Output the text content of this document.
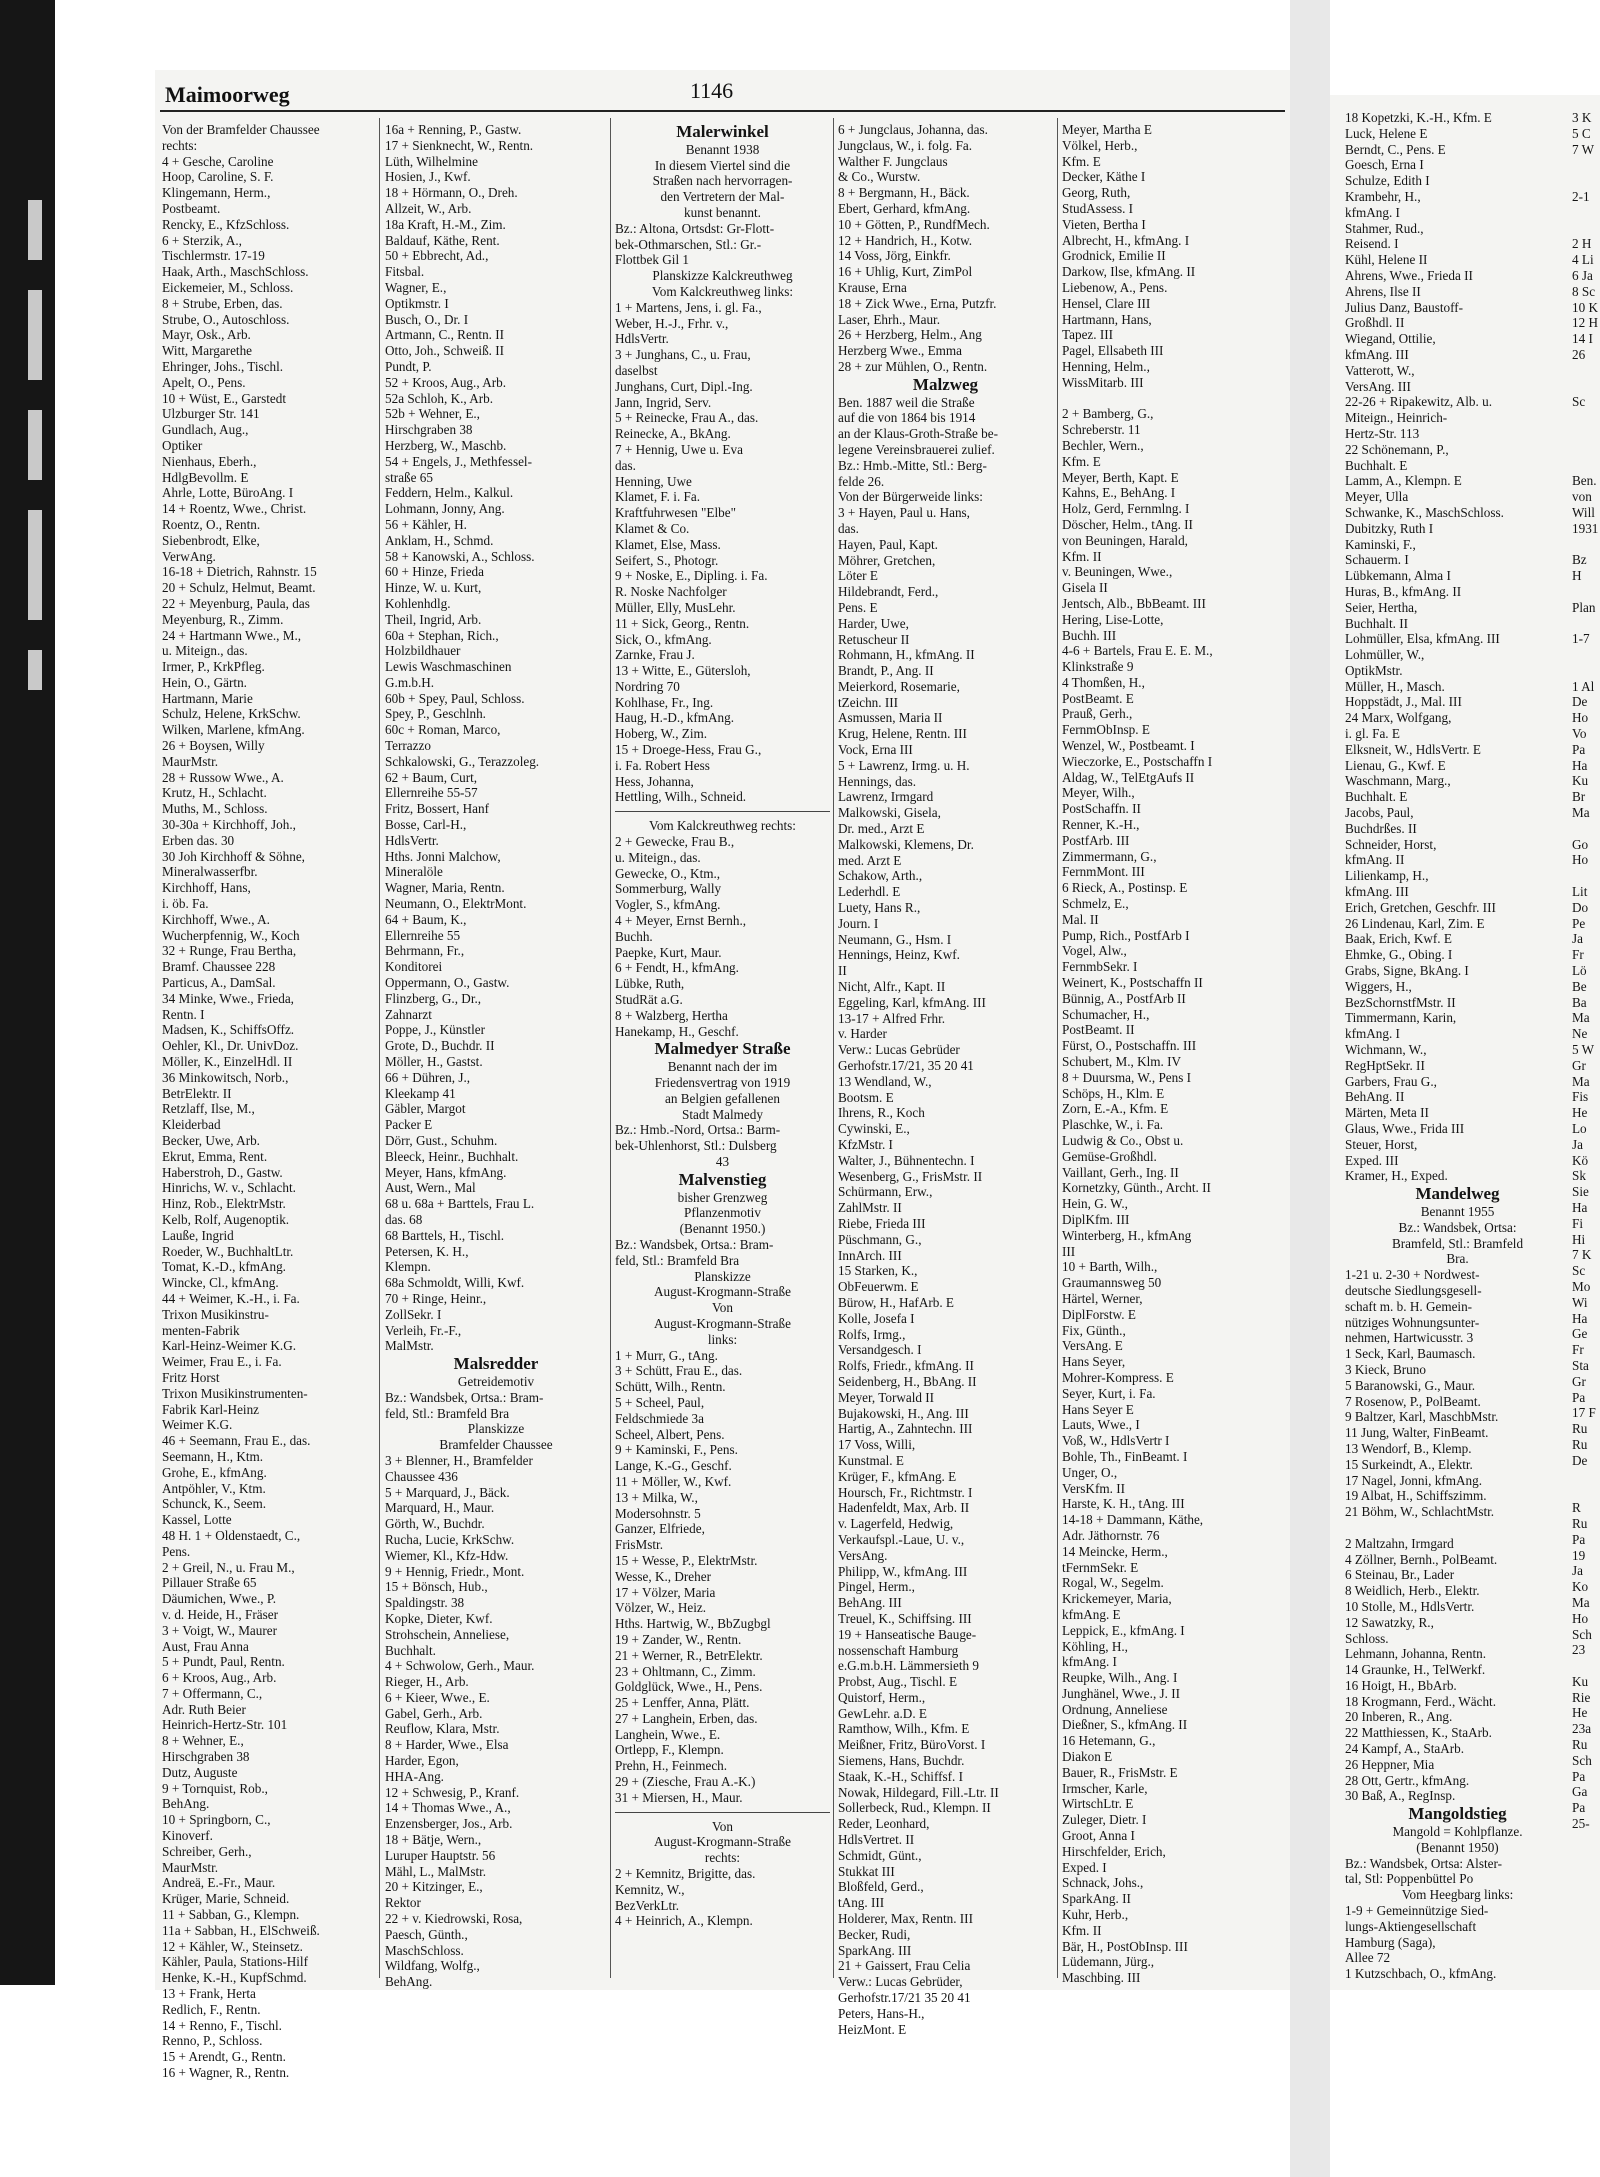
Maimoorweg	1146

Von der Bramfelder Chaussee

rechts:

4 + Gesche, Caroline

Hoop, Caroline, S. F.

Klingemann, Herm.,

Postbeamt.

Rencky, E., KfzSchloss.

6 + Sterzik, A.,

Tischlermstr. 17-19

Haak, Arth., MaschSchloss.

Eickemeier, M., Schloss.

8 + Strube, Erben, das.

Strube, O., Autoschloss.

Mayr, Osk., Arb.

Witt, Margarethe

Ehringer, Johs., Tischl.

Apelt, O., Pens.

10 + Wüst, E., Garstedt

Ulzburger Str. 141

Gundlach, Aug.,

Optiker

Nienhaus, Eberh.,

HdlgBevollm. E

Ahrle, Lotte, BüroAng. I

14 + Roentz, Wwe., Christ.

Roentz, O., Rentn.

Siebenbrodt, Elke,

VerwAng.

16-18 + Dietrich, Rahnstr. 15

20 + Schulz, Helmut, Beamt.

22 + Meyenburg, Paula, das

Meyenburg, R., Zimm.

24 + Hartmann Wwe., M.,

u. Miteign., das.

Irmer, P., KrkPfleg.

Hein, O., Gärtn.

Hartmann, Marie

Schulz, Helene, KrkSchw.

Wilken, Marlene, kfmAng.

26 + Boysen, Willy

MaurMstr.

28 + Russow Wwe., A.

Krutz, H., Schlacht.

Muths, M., Schloss.

30-30a + Kirchhoff, Joh.,

Erben das. 30

30 Joh Kirchhoff & Söhne,

Mineralwasserfbr.

Kirchhoff, Hans,

i. öb. Fa.

Kirchhoff, Wwe., A.

Wucherpfennig, W., Koch

32 + Runge, Frau Bertha,

Bramf. Chaussee 228

Particus, A., DamSal.

34 Minke, Wwe., Frieda,

Rentn. I

Madsen, K., SchiffsOffz.

Oehler, Kl., Dr. UnivDoz.

Möller, K., EinzelHdl. II

36 Minkowitsch, Norb.,

BetrElektr. II

Retzlaff, Ilse, M.,

Kleiderbad

Becker, Uwe, Arb.

Ekrut, Emma, Rent.

Haberstroh, D., Gastw.

Hinrichs, W. v., Schlacht.

Hinz, Rob., ElektrMstr.

Kelb, Rolf, Augenoptik.

Lauße, Ingrid

Roeder, W., BuchhaltLtr.

Tomat, K.-D., kfmAng.

Wincke, Cl., kfmAng.

44 + Weimer, K.-H., i. Fa.

Trixon Musikinstru-

menten-Fabrik

Karl-Heinz-Weimer K.G.

Weimer, Frau E., i. Fa.

Fritz Horst

Trixon Musikinstrumenten-

Fabrik Karl-Heinz

Weimer K.G.

46 + Seemann, Frau E., das.

Seemann, H., Ktm.

Grohe, E., kfmAng.

Antpöhler, V., Ktm.

Schunck, K., Seem.

Kassel, Lotte

48 H. 1 + Oldenstaedt, C.,

Pens.

2 + Greil, N., u. Frau M.,

Pillauer Straße 65

Däumichen, Wwe., P.

v. d. Heide, H., Fräser

3 + Voigt, W., Maurer

Aust, Frau Anna

5 + Pundt, Paul, Rentn.

6 + Kroos, Aug., Arb.

7 + Offermann, C.,

Adr. Ruth Beier

Heinrich-Hertz-Str. 101

8 + Wehner, E.,

Hirschgraben 38

Dutz, Auguste

9 + Tornquist, Rob.,

BehAng.

10 + Springborn, C.,

Kinoverf.

Schreiber, Gerh.,

MaurMstr.

Andreä, E.-Fr., Maur.

Krüger, Marie, Schneid.

11 + Sabban, G., Klempn.

11a + Sabban, H., ElSchweiß.

12 + Kähler, W., Steinsetz.

Kähler, Paula, Stations-Hilf

Henke, K.-H., KupfSchmd.

13 + Frank, Herta

Redlich, F., Rentn.

14 + Renno, F., Tischl.

Renno, P., Schloss.

15 + Arendt, G., Rentn.

16 + Wagner, R., Rentn.

16a + Renning, P., Gastw.

17 + Sienknecht, W., Rentn.

Lüth, Wilhelmine

Hosien, J., Kwf.

18 + Hörmann, O., Dreh.

Allzeit, W., Arb.

18a Kraft, H.-M., Zim.

Baldauf, Käthe, Rent.

50 + Ebbrecht, Ad.,

Fitsbal.

Wagner, E.,

Optikmstr. I

Busch, O., Dr. I

Artmann, C., Rentn. II

Otto, Joh., Schweiß. II

Pundt, P.

52 + Kroos, Aug., Arb.

52a Schloh, K., Arb.

52b + Wehner, E.,

Hirschgraben 38

Herzberg, W., Maschb.

54 + Engels, J., Methfessel-

straße 65

Feddern, Helm., Kalkul.

Lohmann, Jonny, Ang.

56 + Kähler, H.

Anklam, H., Schmd.

58 + Kanowski, A., Schloss.

60 + Hinze, Frieda

Hinze, W. u. Kurt,

Kohlenhdlg.

Theil, Ingrid, Arb.

60a + Stephan, Rich.,

Holzbildhauer

Lewis Waschmaschinen

G.m.b.H.

60b + Spey, Paul, Schloss.

Spey, P., Geschlnh.

60c + Roman, Marco,

Terrazzo

Schkalowski, G., Terazzoleg.

62 + Baum, Curt,

Ellernreihe 55-57

Fritz, Bossert, Hanf

Bosse, Carl-H.,

HdlsVertr.

Hths. Jonni Malchow,

Mineralöle

Wagner, Maria, Rentn.

Neumann, O., ElektrMont.

64 + Baum, K.,

Ellernreihe 55

Behrmann, Fr.,

Konditorei

Oppermann, O., Gastw.

Flinzberg, G., Dr.,

Zahnarzt

Poppe, J., Künstler

Grote, D., Buchdr. II

Möller, H., Gastst.

66 + Dühren, J.,

Kleekamp 41

Gäbler, Margot

Packer E

Dörr, Gust., Schuhm.

Bleeck, Heinr., Buchhalt.

Meyer, Hans, kfmAng.

Aust, Wern., Mal

68 u. 68a + Barttels, Frau L.

das. 68

68 Barttels, H., Tischl.

Petersen, K. H.,

Klempn.

68a Schmoldt, Willi, Kwf.

70 + Ringe, Heinr.,

ZollSekr. I

Verleih, Fr.-F.,

MalMstr.

Malsredder

Getreidemotiv

Bz.: Wandsbek, Ortsa.: Bram-

feld, Stl.: Bramfeld Bra

Planskizze

Bramfelder Chaussee

3 + Blenner, H., Bramfelder

Chaussee 436

5 + Marquard, J., Bäck.

Marquard, H., Maur.

Görth, W., Buchdr.

Rucha, Lucie, KrkSchw.

Wiemer, Kl., Kfz-Hdw.

9 + Hennig, Friedr., Mont.

15 + Bönsch, Hub.,

Spaldingstr. 38

Kopke, Dieter, Kwf.

Strohschein, Anneliese,

Buchhalt.

4 + Schwolow, Gerh., Maur.

Rieger, H., Arb.

6 + Kieer, Wwe., E.

Gabel, Gerh., Arb.

Reuflow, Klara, Mstr.

8 + Harder, Wwe., Elsa

Harder, Egon,

HHA-Ang.

12 + Schwesig, P., Kranf.

14 + Thomas Wwe., A.,

Enzensberger, Jos., Arb.

18 + Bätje, Wern.,

Luruper Hauptstr. 56

Mähl, L., MalMstr.

20 + Kitzinger, E.,

Rektor

22 + v. Kiedrowski, Rosa,

Paesch, Günth.,

MaschSchloss.

Wildfang, Wolfg.,

BehAng.

Malerwinkel

Benannt 1938

In diesem Viertel sind die

Straßen nach hervorragen-

den Vertretern der Mal-

kunst benannt.

Bz.: Altona, Ortsdst: Gr-Flott-

bek-Othmarschen, Stl.: Gr.-

Flottbek Gil 1

Planskizze Kalckreuthweg

Vom Kalckreuthweg links:

1 + Martens, Jens, i. gl. Fa.,

Weber, H.-J., Frhr. v.,

HdlsVertr.

3 + Junghans, C., u. Frau,

daselbst

Junghans, Curt, Dipl.-Ing.

Jann, Ingrid, Serv.

5 + Reinecke, Frau A., das.

Reinecke, A., BkAng.

7 + Hennig, Uwe u. Eva

das.

Henning, Uwe

Klamet, F. i. Fa.

Kraftfuhrwesen "Elbe"

Klamet & Co.

Klamet, Else, Mass.

Seifert, S., Photogr.

9 + Noske, E., Dipling. i. Fa.

R. Noske Nachfolger

Müller, Elly, MusLehr.

11 + Sick, Georg., Rentn.

Sick, O., kfmAng.

Zarnke, Frau J.

13 + Witte, E., Gütersloh,

Nordring 70

Kohlhase, Fr., Ing.

Haug, H.-D., kfmAng.

Hoberg, W., Zim.

15 + Droege-Hess, Frau G.,

i. Fa. Robert Hess

Hess, Johanna,

Hettling, Wilh., Schneid.

Vom Kalckreuthweg rechts:

2 + Gewecke, Frau B.,

u. Miteign., das.

Gewecke, O., Ktm.,

Sommerburg, Wally

Vogler, S., kfmAng.

4 + Meyer, Ernst Bernh.,

Buchh.

Paepke, Kurt, Maur.

6 + Fendt, H., kfmAng.

Lübke, Ruth,

StudRät a.G.

8 + Walzberg, Hertha

Hanekamp, H., Geschf.

Malmedyer Straße

Benannt nach der im

Friedensvertrag von 1919

an Belgien gefallenen

Stadt Malmedy

Bz.: Hmb.-Nord, Ortsa.: Barm-

bek-Uhlenhorst, Stl.: Dulsberg

43

Malvenstieg

bisher Grenzweg

Pflanzenmotiv

(Benannt 1950.)

Bz.: Wandsbek, Ortsa.: Bram-

feld, Stl.: Bramfeld Bra

Planskizze

August-Krogmann-Straße

Von

August-Krogmann-Straße

links:

1 + Murr, G., tAng.

3 + Schütt, Frau E., das.

Schütt, Wilh., Rentn.

5 + Scheel, Paul,

Feldschmiede 3a

Scheel, Albert, Pens.

9 + Kaminski, F., Pens.

Lange, K.-G., Geschf.

11 + Möller, W., Kwf.

13 + Milka, W.,

Modersohnstr. 5

Ganzer, Elfriede,

FrisMstr.

15 + Wesse, P., ElektrMstr.

Wesse, K., Dreher

17 + Völzer, Maria

Völzer, W., Heiz.

Hths. Hartwig, W., BbZugbgl

19 + Zander, W., Rentn.

21 + Werner, R., BetrElektr.

23 + Ohltmann, C., Zimm.

Goldglück, Wwe., H., Pens.

25 + Lenffer, Anna, Plätt.

27 + Langhein, Erben, das.

Langhein, Wwe., E.

Ortlepp, F., Klempn.

Prehn, H., Feinmech.

29 + (Ziesche, Frau A.-K.)

31 + Miersen, H., Maur.

Von

August-Krogmann-Straße

rechts:

2 + Kemnitz, Brigitte, das.

Kemnitz, W.,

BezVerkLtr.

4 + Heinrich, A., Klempn.

6 + Jungclaus, Johanna, das.

Jungclaus, W., i. folg. Fa.

Walther F. Jungclaus

& Co., Wurstw.

8 + Bergmann, H., Bäck.

Ebert, Gerhard, kfmAng.

10 + Götten, P., RundfMech.

12 + Handrich, H., Kotw.

14 Voss, Jörg, Einkfr.

16 + Uhlig, Kurt, ZimPol

Krause, Erna

18 + Zick Wwe., Erna, Putzfr.

Laser, Ehrh., Maur.

26 + Herzberg, Helm., Ang

Herzberg Wwe., Emma

28 + zur Mühlen, O., Rentn.

Malzweg

Ben. 1887 weil die Straße

auf die von 1864 bis 1914

an der Klaus-Groth-Straße be-

legene Vereinsbrauerei zulief.

Bz.: Hmb.-Mitte, Stl.: Berg-

felde 26.

Von der Bürgerweide links:

3 + Hayen, Paul u. Hans,

das.

Hayen, Paul, Kapt.

Möhrer, Gretchen,

Löter E

Hildebrandt, Ferd.,

Pens. E

Harder, Uwe,

Retuscheur II

Rohmann, H., kfmAng. II

Brandt, P., Ang. II

Meierkord, Rosemarie,

tZeichn. III

Asmussen, Maria II

Krug, Helene, Rentn. III

Vock, Erna III

5 + Lawrenz, Irmg. u. H.

Hennings, das.

Lawrenz, Irmgard

Malkowski, Gisela,

Dr. med., Arzt E

Malkowski, Klemens, Dr.

med. Arzt E

Schakow, Arth.,

Lederhdl. E

Luety, Hans R.,

Journ. I

Neumann, G., Hsm. I

Hennings, Heinz, Kwf.

II

Nicht, Alfr., Kapt. II

Eggeling, Karl, kfmAng. III

13-17 + Alfred Frhr.

v. Harder

Verw.: Lucas Gebrüder

Gerhofstr.17/21, 35 20 41

13 Wendland, W.,

Bootsm. E

Ihrens, R., Koch

Cywinski, E.,

KfzMstr. I

Walter, J., Bühnentechn. I

Wesenberg, G., FrisMstr. II

Schürmann, Erw.,

ZahlMstr. II

Riebe, Frieda III

Püschmann, G.,

InnArch. III

15 Starken, K.,

ObFeuerwm. E

Bürow, H., HafArb. E

Kolle, Josefa I

Rolfs, Irmg.,

Versandgesch. I

Rolfs, Friedr., kfmAng. II

Seidenberg, H., BbAng. II

Meyer, Torwald II

Bujakowski, H., Ang. III

Hartig, A., Zahntechn. III

17 Voss, Willi,

Kunstmal. E

Krüger, F., kfmAng. E

Hoursch, Fr., Richtmstr. I

Hadenfeldt, Max, Arb. II

v. Lagerfeld, Hedwig,

Verkaufspl.-Laue, U. v.,

VersAng.

Philipp, W., kfmAng. III

Pingel, Herm.,

BehAng. III

Treuel, K., Schiffsing. III

19 + Hanseatische Bauge-

nossenschaft Hamburg

e.G.m.b.H. Lämmersieth 9

Probst, Aug., Tischl. E

Quistorf, Herm.,

GewLehr. a.D. E

Ramthow, Wilh., Kfm. E

Meißner, Fritz, BüroVorst. I

Siemens, Hans, Buchdr.

Staak, K.-H., Schiffsf. I

Nowak, Hildegard, Fill.-Ltr. II

Sollerbeck, Rud., Klempn. II

Reder, Leonhard,

HdlsVertret. II

Schmidt, Günt.,

Stukkat III

Bloßfeld, Gerd.,

tAng. III

Holderer, Max, Rentn. III

Becker, Rudi,

SparkAng. III

21 + Gaissert, Frau Celia

Verw.: Lucas Gebrüder,

Gerhofstr.17/21 35 20 41

Peters, Hans-H.,

HeizMont. E

Meyer, Martha E

Völkel, Herb.,

Kfm. E

Decker, Käthe I

Georg, Ruth,

StudAssess. I

Vieten, Bertha I

Albrecht, H., kfmAng. I

Grodnick, Emilie II

Darkow, Ilse, kfmAng. II

Liebenow, A., Pens.

Hensel, Clare III

Hartmann, Hans,

Tapez. III

Pagel, Ellsabeth III

Henning, Helm.,

WissMitarb. III

2 + Bamberg, G.,

Schreberstr. 11

Bechler, Wern.,

Kfm. E

Meyer, Berth, Kapt. E

Kahns, E., BehAng. I

Holz, Gerd, Fernmlng. I

Döscher, Helm., tAng. II

von Beuningen, Harald,

Kfm. II

v. Beuningen, Wwe.,

Gisela II

Jentsch, Alb., BbBeamt. III

Hering, Lise-Lotte,

Buchh. III

4-6 + Bartels, Frau E. E. M.,

Klinkstraße 9

4 Thomßen, H.,

PostBeamt. E

Prauß, Gerh.,

FernmObInsp. E

Wenzel, W., Postbeamt. I

Wieczorke, E., Postschaffn I

Aldag, W., TelEtgAufs II

Meyer, Wilh.,

PostSchaffn. II

Renner, K.-H.,

PostfArb. III

Zimmermann, G.,

FernmMont. III

6 Rieck, A., Postinsp. E

Schmelz, E.,

Mal. II

Pump, Rich., PostfArb I

Vogel, Alw.,

FernmbSekr. I

Weinert, K., Postschaffn II

Bünnig, A., PostfArb II

Schumacher, H.,

PostBeamt. II

Fürst, O., Postschaffn. III

Schubert, M., Klm. IV

8 + Duursma, W., Pens I

Schöps, H., Klm. E

Zorn, E.-A., Kfm. E

Plaschke, W., i. Fa.

Ludwig & Co., Obst u.

Gemüse-Großhdl.

Vaillant, Gerh., Ing. II

Kornetzky, Günth., Archt. II

Hein, G. W.,

DiplKfm. III

Winterberg, H., kfmAng

III

10 + Barth, Wilh.,

Graumannsweg 50

Härtel, Werner,

DiplForstw. E

Fix, Günth.,

VersAng. E

Hans Seyer,

Mohrer-Kompress. E

Seyer, Kurt, i. Fa.

Hans Seyer E

Lauts, Wwe., I

Voß, W., HdlsVertr I

Bohle, Th., FinBeamt. I

Unger, O.,

VersKfm. II

Harste, K. H., tAng. III

14-18 + Dammann, Käthe,

Adr. Jäthornstr. 76

14 Meincke, Herm.,

tFernmSekr. E

Rogal, W., Segelm.

Krickemeyer, Maria,

kfmAng. E

Leppick, E., kfmAng. I

Köhling, H.,

kfmAng. I

Reupke, Wilh., Ang. I

Junghänel, Wwe., J. II

Ordnung, Anneliese

Dießner, S., kfmAng. II

16 Hetemann, G.,

Diakon E

Bauer, R., FrisMstr. E

Irmscher, Karle,

WirtschLtr. E

Zuleger, Dietr. I

Groot, Anna I

Hirschfelder, Erich,

Exped. I

Schnack, Johs.,

SparkAng. II

Kuhr, Herb.,

Kfm. II

Bär, H., PostObInsp. III

Lüdemann, Jürg.,

Maschbing. III

18 Kopetzki, K.-H., Kfm. E

Luck, Helene E

Berndt, C., Pens. E

Goesch, Erna I

Schulze, Edith I

Krambehr, H.,

kfmAng. I

Stahmer, Rud.,

Reisend. I

Kühl, Helene II

Ahrens, Wwe., Frieda II

Ahrens, Ilse II

Julius Danz, Baustoff-

Großhdl. II

Wiegand, Ottilie,

kfmAng. III

Vatterott, W.,

VersAng. III

22-26 + Ripakewitz, Alb. u.

Miteign., Heinrich-

Hertz-Str. 113

22 Schönemann, P.,

Buchhalt. E

Lamm, A., Klempn. E

Meyer, Ulla

Schwanke, K., MaschSchloss.

Dubitzky, Ruth I

Kaminski, F.,

Schauerm. I

Lübkemann, Alma I

Huras, B., kfmAng. II

Seier, Hertha,

Buchhalt. II

Lohmüller, Elsa, kfmAng. III

Lohmüller, W.,

OptikMstr.

Müller, H., Masch.

Hoppstädt, J., Mal. III

24 Marx, Wolfgang,

i. gl. Fa. E

Elksneit, W., HdlsVertr. E

Lienau, G., Kwf. E

Waschmann, Marg.,

Buchhalt. E

Jacobs, Paul,

Buchdrßes. II

Schneider, Horst,

kfmAng. II

Lilienkamp, H.,

kfmAng. III

Erich, Gretchen, Geschfr. III

26 Lindenau, Karl, Zim. E

Baak, Erich, Kwf. E

Ehmke, G., Obing. I

Grabs, Signe, BkAng. I

Wiggers, H.,

BezSchornstfMstr. II

Timmermann, Karin,

kfmAng. I

Wichmann, W.,

RegHptSekr. II

Garbers, Frau G.,

BehAng. II

Märten, Meta II

Glaus, Wwe., Frida III

Steuer, Horst,

Exped. III

Kramer, H., Exped.

Mandelweg

Benannt 1955

Bz.: Wandsbek, Ortsa:

Bramfeld, Stl.: Bramfeld

Bra.

1-21 u. 2-30 + Nordwest-

deutsche Siedlungsgesell-

schaft m. b. H. Gemein-

nütziges Wohnungsunter-

nehmen, Hartwicusstr. 3

1 Seck, Karl, Baumasch.

3 Kieck, Bruno

5 Baranowski, G., Maur.

7 Rosenow, P., PolBeamt.

9 Baltzer, Karl, MaschbMstr.

11 Jung, Walter, FinBeamt.

13 Wendorf, B., Klemp.

15 Surkeindt, A., Elektr.

17 Nagel, Jonni, kfmAng.

19 Albat, H., Schiffszimm.

21 Böhm, W., SchlachtMstr.

2 Maltzahn, Irmgard

4 Zöllner, Bernh., PolBeamt.

6 Steinau, Br., Lader

8 Weidlich, Herb., Elektr.

10 Stolle, M., HdlsVertr.

12 Sawatzky, R.,

Schloss.

Lehmann, Johanna, Rentn.

14 Graunke, H., TelWerkf.

16 Hoigt, H., BbArb.

18 Krogmann, Ferd., Wächt.

20 Inberen, R., Ang.

22 Matthiessen, K., StaArb.

24 Kampf, A., StaArb.

26 Heppner, Mia

28 Ott, Gertr., kfmAng.

30 Baß, A., RegInsp.

Mangoldstieg

Mangold = Kohlpflanze.

(Benannt 1950)

Bz.: Wandsbek, Ortsa: Alster-

tal, Stl: Poppenbüttel Po

Vom Heegbarg links:

1-9 + Gemeinnützige Sied-

lungs-Aktiengesellschaft

Hamburg (Saga),

Allee 72

1 Kutzschbach, O., kfmAng.

3 K

5 C

7 W

2-1

2 H

4 Li

6 Ja

8 Sc

10 K

12 H

14 I

26

Sc

Ben.

von

Will

1931

Bz

H

Plan

1-7

1 Al

De

Ho

Vo

Pa

Ha

Ku

Br

Ma

Go

Ho

Lit

Do

Pe

Ja

Fr

Lö

Be

Ba

Ma

Ne

5 W

Gr

Ma

Fis

He

Lo

Ja

Kö

Sk

Sie

Ha

Fi

Hi

7 K

Sc

Mo

Wi

Ha

Ge

Fr

Sta

Gr

Pa

17 F

Ru

Ru

De

R

Ru

Pa

19

Ja

Ko

Ma

Ho

Sch

23

Ku

Rie

He

23a

Ru

Sch

Pa

Ga

Pa

25-
